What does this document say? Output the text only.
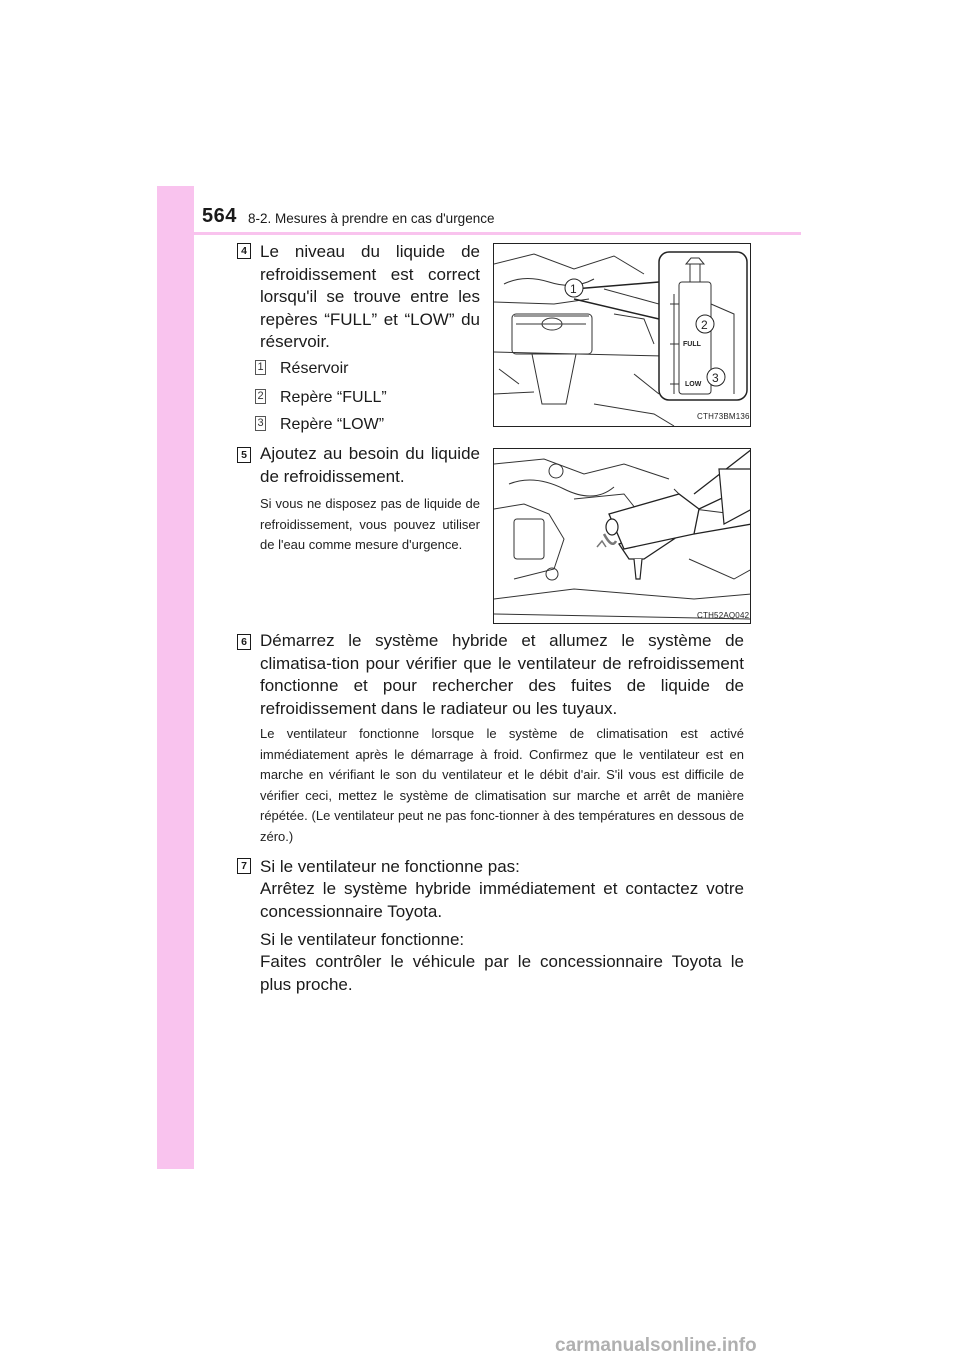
564 8-2. Mesures à prendre en cas d'urgence
4 Le niveau du liquide de refroidissement est correct lorsqu'il se trouve entre les repères “FULL” et “LOW” du réservoir.
1 Réservoir
2 Repère “FULL”
3 Repère “LOW”
FULL
LOW
1
2
3
CTH73BM136
5 Ajoutez au besoin du liquide de refroidissement.
Si vous ne disposez pas de liquide de refroidissement, vous pouvez utiliser de l'eau comme mesure d'urgence.
CTH52AQ042
6 Démarrez le système hybride et allumez le système de climatisa-tion pour vérifier que le ventilateur de refroidissement fonctionne et pour rechercher des fuites de liquide de refroidissement dans le radiateur ou les tuyaux.
Le ventilateur fonctionne lorsque le système de climatisation est activé immédiatement après le démarrage à froid. Confirmez que le ventilateur est en marche en vérifiant le son du ventilateur et le débit d'air. S'il vous est difficile de vérifier ceci, mettez le système de climatisation sur marche et arrêt de manière répétée. (Le ventilateur peut ne pas fonc-tionner à des températures en dessous de zéro.)
7 Si le ventilateur ne fonctionne pas:
Arrêtez le système hybride immédiatement et contactez votre concessionnaire Toyota.
Si le ventilateur fonctionne:
Faites contrôler le véhicule par le concessionnaire Toyota le plus proche.
carmanualsonline.info
